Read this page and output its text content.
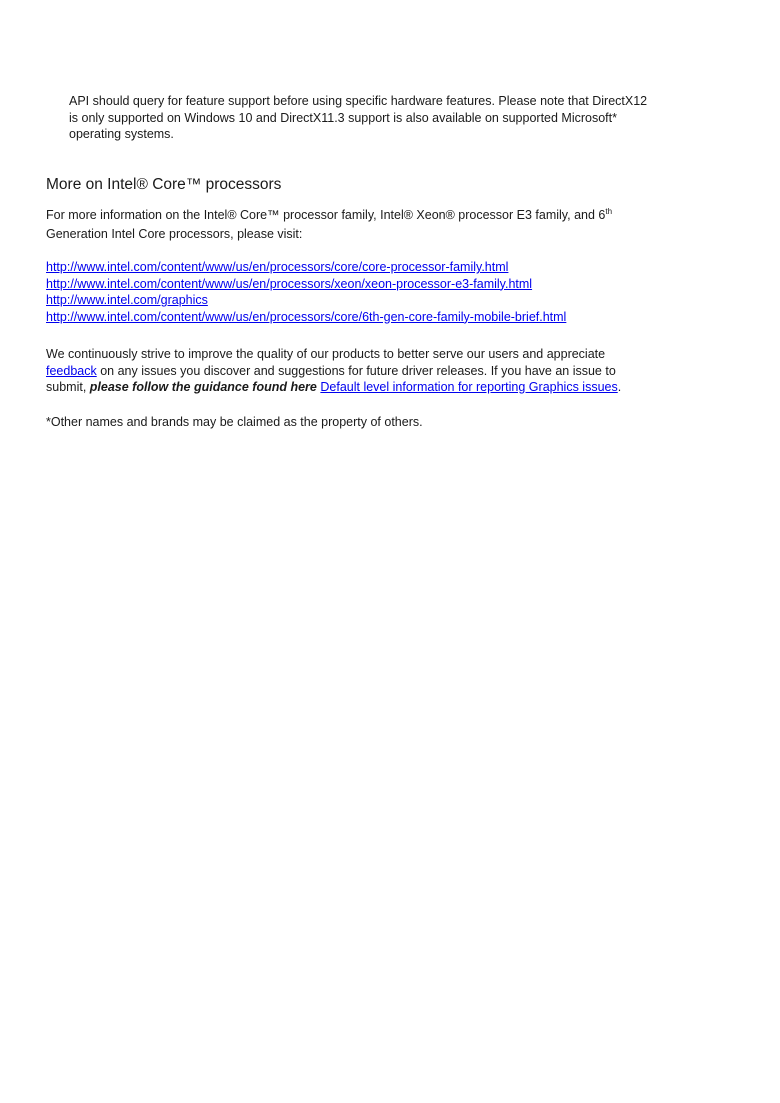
API should query for feature support before using specific hardware features. Please note that DirectX12 is only supported on Windows 10 and DirectX11.3 support is also available on supported Microsoft* operating systems.

More on Intel® Core™ processors

For more information on the Intel® Core™ processor family, Intel® Xeon® processor E3 family, and 6th Generation Intel Core processors, please visit:

http://www.intel.com/content/www/us/en/processors/core/core-processor-family.html
http://www.intel.com/content/www/us/en/processors/xeon/xeon-processor-e3-family.html
http://www.intel.com/graphics
http://www.intel.com/content/www/us/en/processors/core/6th-gen-core-family-mobile-brief.html

We continuously strive to improve the quality of our products to better serve our users and appreciate feedback on any issues you discover and suggestions for future driver releases. If you have an issue to submit, please follow the guidance found here Default level information for reporting Graphics issues.

*Other names and brands may be claimed as the property of others.
